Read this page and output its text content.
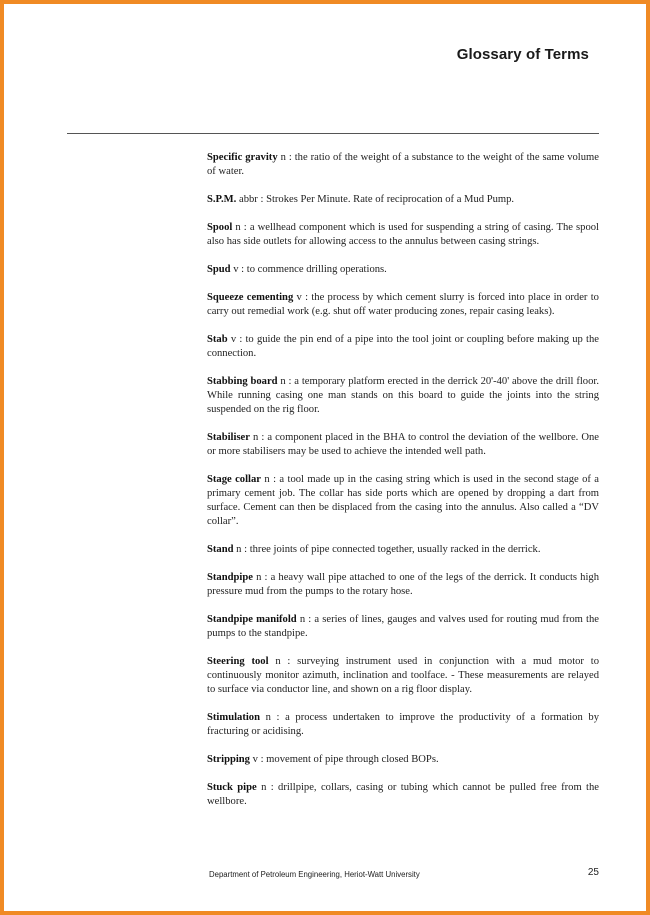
Glossary of Terms
Specific gravity n : the ratio of the weight of a substance to the weight of the same volume of water.
S.P.M. abbr : Strokes Per Minute. Rate of reciprocation of a Mud Pump.
Spool n : a wellhead component which is used for suspending a string of casing. The spool also has side outlets for allowing access to the annulus between casing strings.
Spud v : to commence drilling operations.
Squeeze cementing v : the process by which cement slurry is forced into place in order to carry out remedial work (e.g. shut off water producing zones, repair casing leaks).
Stab v : to guide the pin end of a pipe into the tool joint or coupling before making up the connection.
Stabbing board n : a temporary platform erected in the derrick 20'-40' above the drill floor. While running casing one man stands on this board to guide the joints into the string suspended on the rig floor.
Stabiliser n : a component placed in the BHA to control the deviation of the wellbore. One or more stabilisers may be used to achieve the intended well path.
Stage collar n : a tool made up in the casing string which is used in the second stage of a primary cement job. The collar has side ports which are opened by dropping a dart from surface. Cement can then be displaced from the casing into the annulus. Also called a “DV collar”.
Stand n : three joints of pipe connected together, usually racked in the derrick.
Standpipe n : a heavy wall pipe attached to one of the legs of the derrick. It conducts high pressure mud from the pumps to the rotary hose.
Standpipe manifold n : a series of lines, gauges and valves used for routing mud from the pumps to the standpipe.
Steering tool n : surveying instrument used in conjunction with a mud motor to continuously monitor azimuth, inclination and toolface. - These measurements are relayed to surface via conductor line, and shown on a rig floor display.
Stimulation n : a process undertaken to improve the productivity of a formation by fracturing or acidising.
Stripping v : movement of pipe through closed BOPs.
Stuck pipe n : drillpipe, collars, casing or tubing which cannot be pulled free from the wellbore.
Department of Petroleum Engineering, Heriot-Watt University	25
